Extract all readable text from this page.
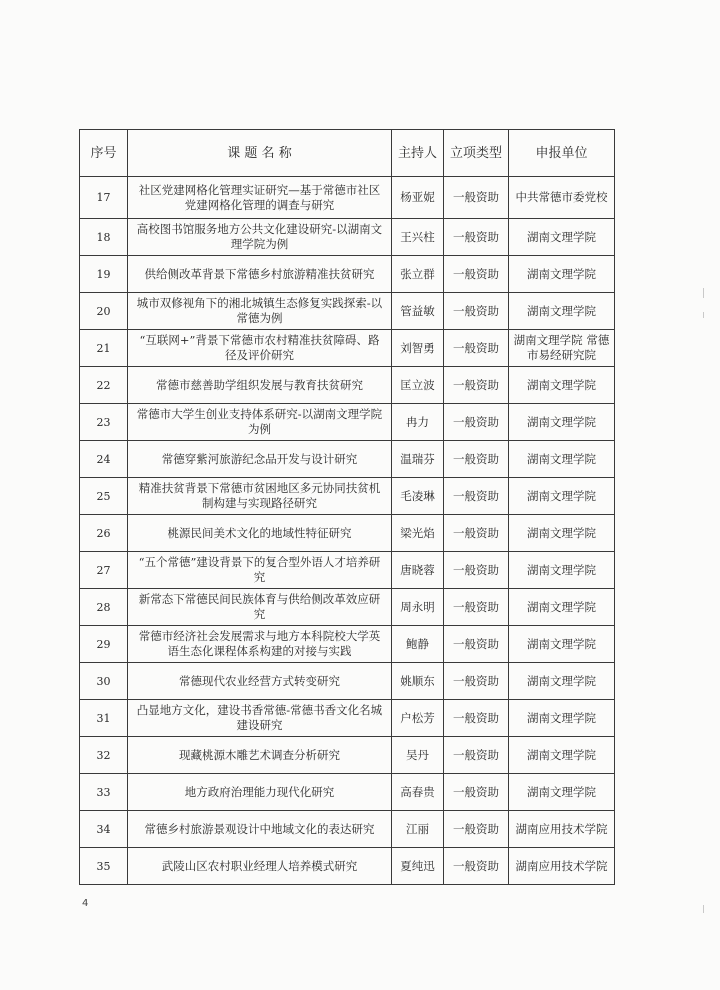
序号	课 题 名 称	主持人	立项类型	申报单位
17	社区党建网格化管理实证研究—基于常德市社区党建网格化管理的调查与研究	杨亚妮	一般资助	中共常德市委党校
18	高校图书馆服务地方公共文化建设研究-以湖南文理学院为例	王兴柱	一般资助	湖南文理学院
19	供给侧改革背景下常德乡村旅游精准扶贫研究	张立群	一般资助	湖南文理学院
20	城市双修视角下的湘北城镇生态修复实践探索-以常德为例	管益敏	一般资助	湖南文理学院
21	“互联网+”背景下常德市农村精准扶贫障碍、路径及评价研究	刘智勇	一般资助	湖南文理学院 常德市易经研究院
22	常德市慈善助学组织发展与教育扶贫研究	匡立波	一般资助	湖南文理学院
23	常德市大学生创业支持体系研究-以湖南文理学院为例	冉力	一般资助	湖南文理学院
24	常德穿紫河旅游纪念品开发与设计研究	温瑞芬	一般资助	湖南文理学院
25	精准扶贫背景下常德市贫困地区多元协同扶贫机制构建与实现路径研究	毛凌琳	一般资助	湖南文理学院
26	桃源民间美术文化的地域性特征研究	梁光焰	一般资助	湖南文理学院
27	“五个常德”建设背景下的复合型外语人才培养研究	唐晓蓉	一般资助	湖南文理学院
28	新常态下常德民间民族体育与供给侧改革效应研究	周永明	一般资助	湖南文理学院
29	常德市经济社会发展需求与地方本科院校大学英语生态化课程体系构建的对接与实践	鲍静	一般资助	湖南文理学院
30	常德现代农业经营方式转变研究	姚顺东	一般资助	湖南文理学院
31	凸显地方文化，建设书香常德-常德书香文化名城建设研究	户松芳	一般资助	湖南文理学院
32	现藏桃源木雕艺术调查分析研究	吴丹	一般资助	湖南文理学院
33	地方政府治理能力现代化研究	高春贵	一般资助	湖南文理学院
34	常德乡村旅游景观设计中地域文化的表达研究	江丽	一般资助	湖南应用技术学院
35	武陵山区农村职业经理人培养模式研究	夏纯迅	一般资助	湖南应用技术学院
4
